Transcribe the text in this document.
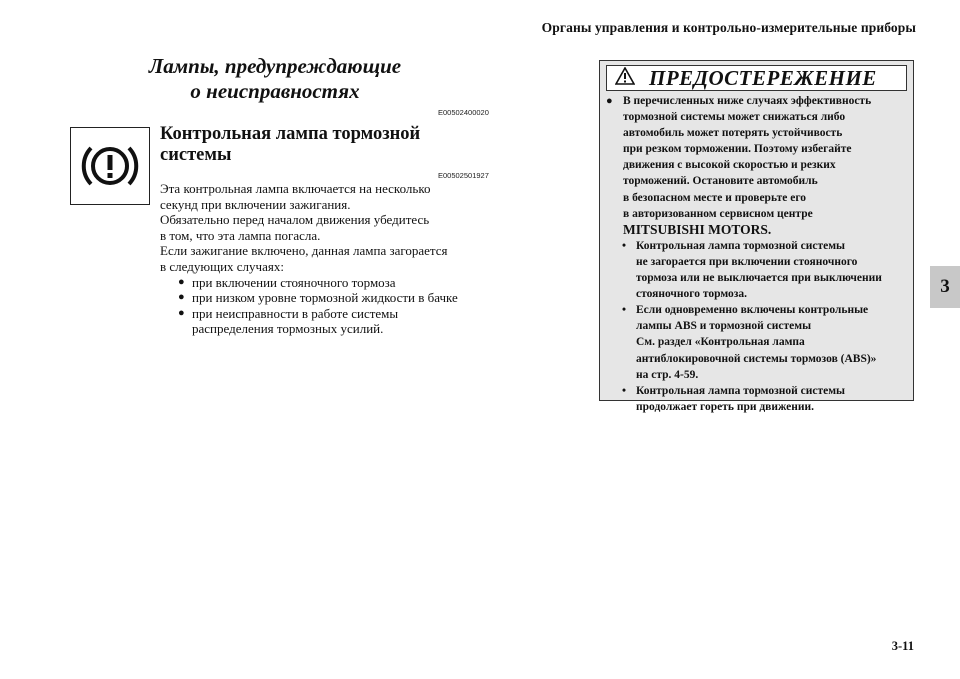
Органы управления и контрольно-измерительные приборы
3
Лампы, предупреждающие
о неисправностях
E00502400020
Контрольная лампа тормозной
системы
E00502501927

Эта контрольная лампа включается на несколько

секунд при включении зажигания.

Обязательно перед началом движения убедитесь

в том, что эта лампа погасла.

Если зажигание включено, данная лампа загорается

в следующих случаях:

● при включении стояночного тормоза
● при низком уровне тормозной жидкости в бачке
● при неисправности в работе системы
распределения тормозных усилий.
ПРЕДОСТЕРЕЖЕНИЕ
● В перечисленных ниже случаях эффективность
тормозной системы может снижаться либо
автомобиль может потерять устойчивость
при резком торможении. Поэтому избегайте
движения с высокой скоростью и резких
торможений. Остановите автомобиль
в безопасном месте и проверьте его
в авторизованном сервисном центре
MITSUBISHI MOTORS.
• Контрольная лампа тормозной системы
не загорается при включении стояночного
тормоза или не выключается при выключении
стояночного тормоза.
• Если одновременно включены контрольные
лампы ABS и тормозной системы
См. раздел «Контрольная лампа
антиблокировочной системы тормозов (ABS)»
на стр. 4-59.
• Контрольная лампа тормозной системы
продолжает гореть при движении.
3-11
